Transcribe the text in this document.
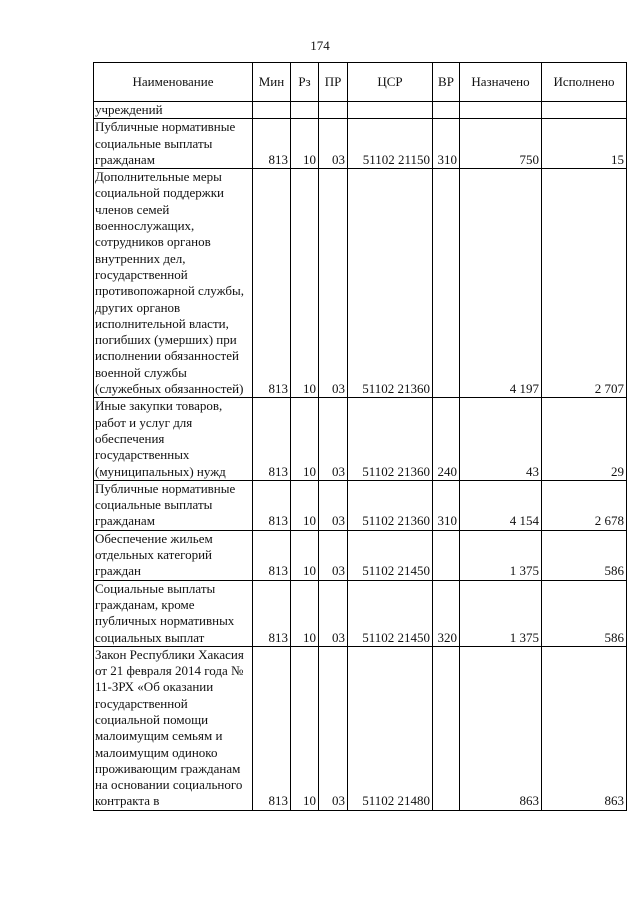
174
Наименование	Мин	Рз	ПР	ЦСР	ВР	Назначено	Исполнено
учреждений							
Публичные нормативные социальные выплаты гражданам	813	10	03	51102 21150	310	750	15
Дополнительные меры социальной поддержки членов семей военнослужащих, сотрудников органов внутренних дел, государственной противопожарной службы, других органов исполнительной власти, погибших (умерших) при исполнении обязанностей военной службы (служебных обязанностей)	813	10	03	51102 21360		4 197	2 707
Иные закупки товаров, работ и услуг для обеспечения государственных (муниципальных) нужд	813	10	03	51102 21360	240	43	29
Публичные нормативные социальные выплаты гражданам	813	10	03	51102 21360	310	4 154	2 678
Обеспечение жильем отдельных категорий граждан	813	10	03	51102 21450		1 375	586
Социальные выплаты гражданам, кроме публичных нормативных социальных выплат	813	10	03	51102 21450	320	1 375	586
Закон Республики Хакасия от 21 февраля 2014 года № 11-ЗРХ «Об оказании государственной социальной помощи малоимущим семьям и малоимущим одиноко проживающим гражданам на основании социального контракта в	813	10	03	51102 21480		863	863
